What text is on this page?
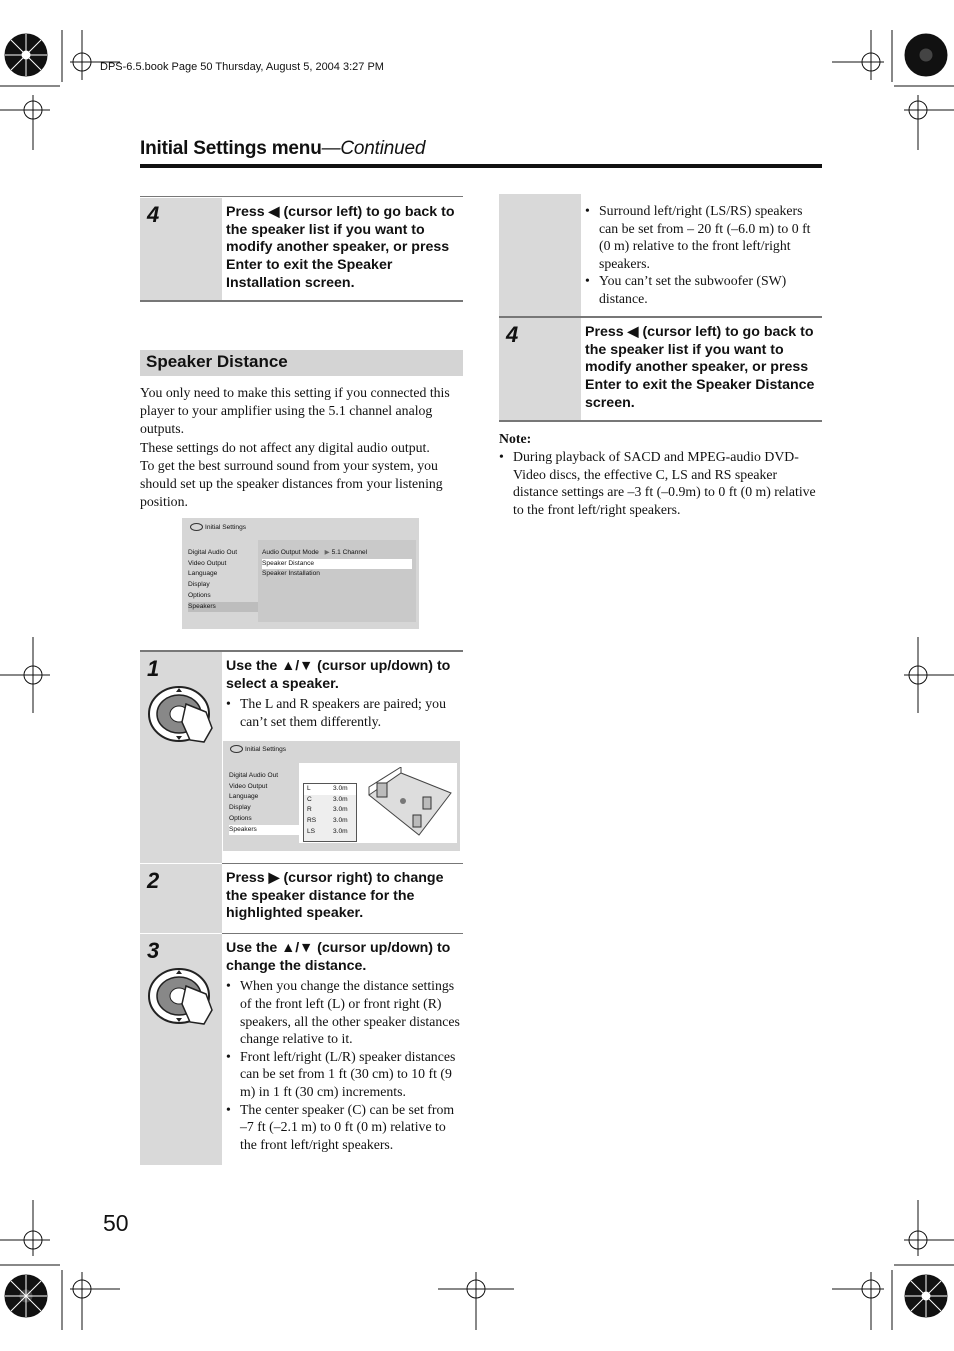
DPS-6.5.book Page 50 Thursday, August 5, 2004 3:27 PM
Initial Settings menu—Continued
4	Press ◀ (cursor left) to go back to the speaker list if you want to modify another speaker, or press Enter to exit the Speaker Installation screen.
Speaker Distance
You only need to make this setting if you connected this player to your amplifier using the 5.1 channel analog outputs.
These settings do not affect any digital audio output.
To get the best surround sound from your system, you should set up the speaker distances from your listening position.
Initial Settings
Digital Audio Out
Video Output
Language
Display
Options
Speakers
Audio Output Mode ▶ 5.1 Channel
Speaker Distance
Speaker Installation
1	Use the ▲/▼ (cursor up/down) to select a speaker.
• The L and R speakers are paired; you can’t set them differently.
Initial Settings
Digital Audio Out
Video Output
Language
Display
Options
Speakers
L	3.0m
C	3.0m
R	3.0m
RS	3.0m
LS	3.0m
2	Press ▶ (cursor right) to change the speaker distance for the highlighted speaker.
3	Use the ▲/▼ (cursor up/down) to change the distance.
• When you change the distance settings of the front left (L) or front right (R) speakers, all the other speaker distances change relative to it.
• Front left/right (L/R) speaker distances can be set from 1 ft (30 cm) to 10 ft (9 m) in 1 ft (30 cm) increments.
• The center speaker (C) can be set from –7 ft (–2.1 m) to 0 ft (0 m) relative to the front left/right speakers.
• Surround left/right (LS/RS) speakers can be set from – 20 ft (–6.0 m) to 0 ft (0 m) relative to the front left/right speakers.
• You can’t set the subwoofer (SW) distance.
4	Press ◀ (cursor left) to go back to the speaker list if you want to modify another speaker, or press Enter to exit the Speaker Distance screen.
Note:
• During playback of SACD and MPEG-audio DVD-Video discs, the effective C, LS and RS speaker distance settings are –3 ft (–0.9m) to 0 ft (0 m) relative to the front left/right speakers.
50
